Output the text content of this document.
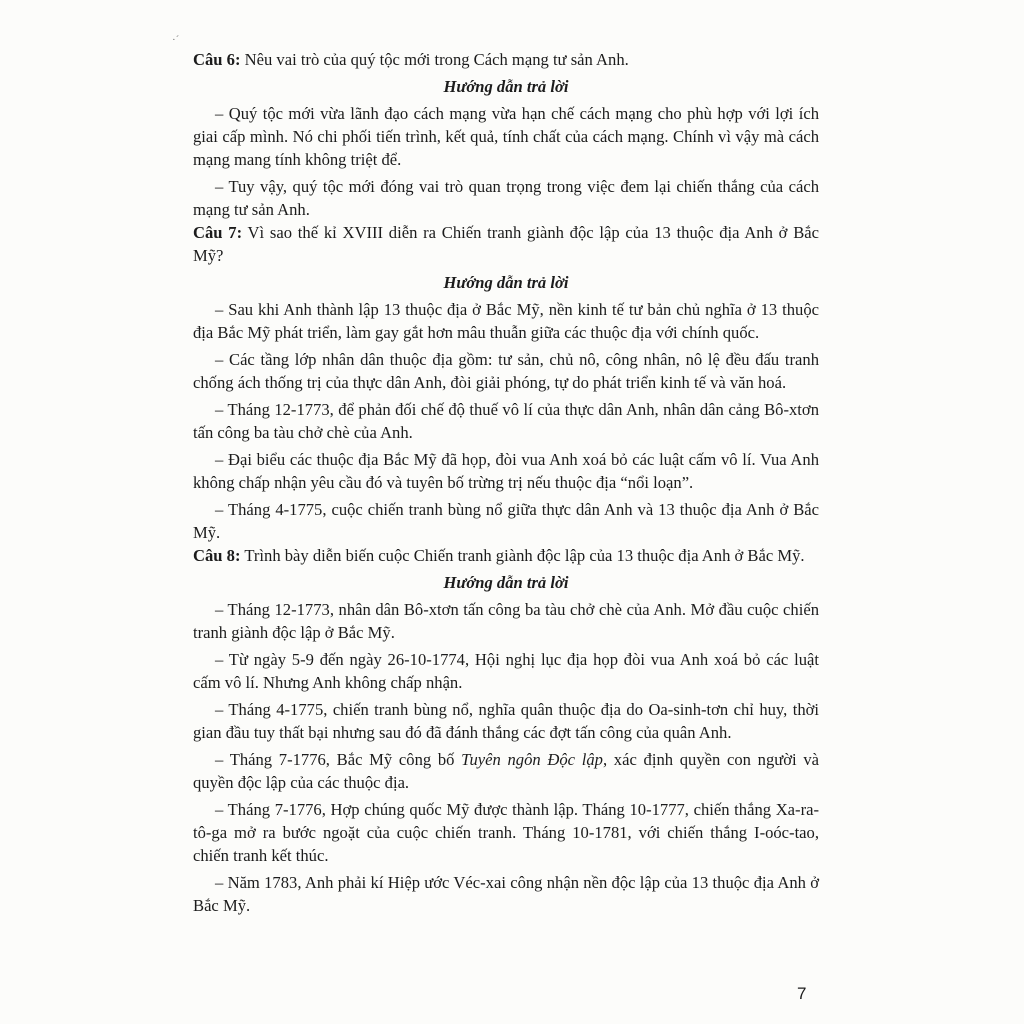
·´

Câu 6: Nêu vai trò của quý tộc mới trong Cách mạng tư sản Anh.

Hướng dẫn trả lời

– Quý tộc mới vừa lãnh đạo cách mạng vừa hạn chế cách mạng cho phù hợp với lợi ích giai cấp mình. Nó chi phối tiến trình, kết quả, tính chất của cách mạng. Chính vì vậy mà cách mạng mang tính không triệt để.

– Tuy vậy, quý tộc mới đóng vai trò quan trọng trong việc đem lại chiến thắng của cách mạng tư sản Anh.

Câu 7: Vì sao thế kỉ XVIII diễn ra Chiến tranh giành độc lập của 13 thuộc địa Anh ở Bắc Mỹ?

Hướng dẫn trả lời

– Sau khi Anh thành lập 13 thuộc địa ở Bắc Mỹ, nền kinh tế tư bản chủ nghĩa ở 13 thuộc địa Bắc Mỹ phát triển, làm gay gắt hơn mâu thuẫn giữa các thuộc địa với chính quốc.

– Các tầng lớp nhân dân thuộc địa gồm: tư sản, chủ nô, công nhân, nô lệ đều đấu tranh chống ách thống trị của thực dân Anh, đòi giải phóng, tự do phát triển kinh tế và văn hoá.

– Tháng 12-1773, để phản đối chế độ thuế vô lí của thực dân Anh, nhân dân cảng Bô-xtơn tấn công ba tàu chở chè của Anh.

– Đại biểu các thuộc địa Bắc Mỹ đã họp, đòi vua Anh xoá bỏ các luật cấm vô lí. Vua Anh không chấp nhận yêu cầu đó và tuyên bố trừng trị nếu thuộc địa “nổi loạn”.

– Tháng 4-1775, cuộc chiến tranh bùng nổ giữa thực dân Anh và 13 thuộc địa Anh ở Bắc Mỹ.

Câu 8: Trình bày diễn biến cuộc Chiến tranh giành độc lập của 13 thuộc địa Anh ở Bắc Mỹ.

Hướng dẫn trả lời

– Tháng 12-1773, nhân dân Bô-xtơn tấn công ba tàu chở chè của Anh. Mở đầu cuộc chiến tranh giành độc lập ở Bắc Mỹ.

– Từ ngày 5-9 đến ngày 26-10-1774, Hội nghị lục địa họp đòi vua Anh xoá bỏ các luật cấm vô lí. Nhưng Anh không chấp nhận.

– Tháng 4-1775, chiến tranh bùng nổ, nghĩa quân thuộc địa do Oa-sinh-tơn chỉ huy, thời gian đầu tuy thất bại nhưng sau đó đã đánh thắng các đợt tấn công của quân Anh.

– Tháng 7-1776, Bắc Mỹ công bố Tuyên ngôn Độc lập, xác định quyền con người và quyền độc lập của các thuộc địa.

– Tháng 7-1776, Hợp chúng quốc Mỹ được thành lập. Tháng 10-1777, chiến thắng Xa-ra-tô-ga mở ra bước ngoặt của cuộc chiến tranh. Tháng 10-1781, với chiến thắng I-oóc-tao, chiến tranh kết thúc.

– Năm 1783, Anh phải kí Hiệp ước Véc-xai công nhận nền độc lập của 13 thuộc địa Anh ở Bắc Mỹ.

7
